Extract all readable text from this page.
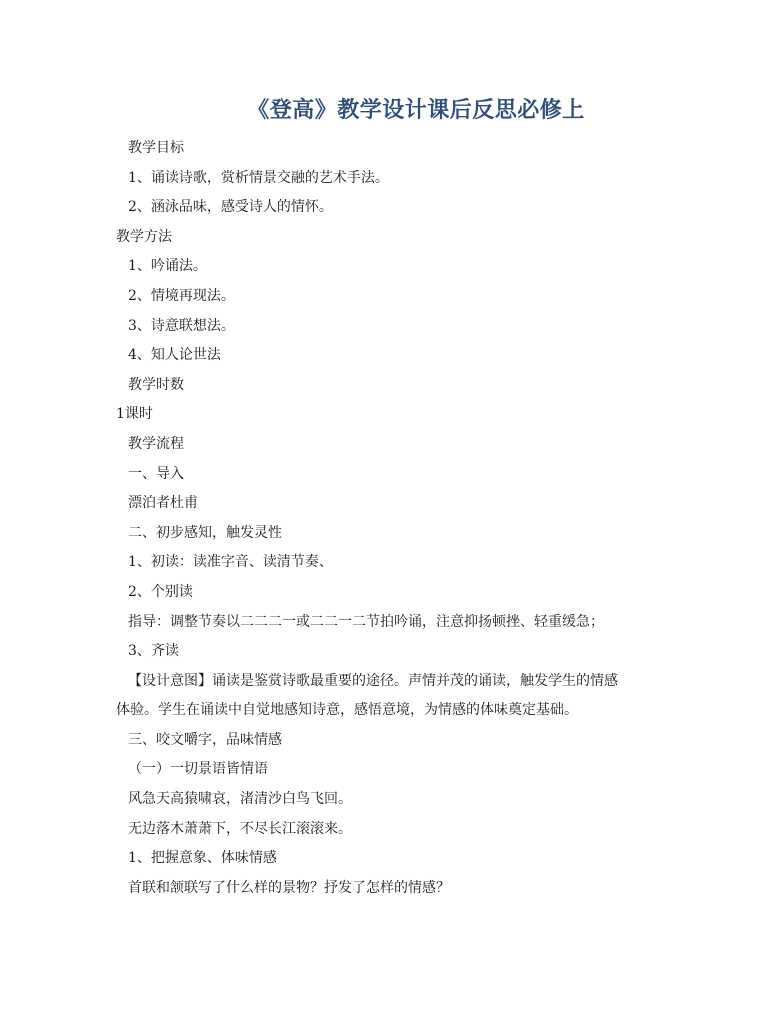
《登高》教学设计课后反思必修上
教学目标
1、诵读诗歌，赏析情景交融的艺术手法。
2、涵泳品味，感受诗人的情怀。
教学方法
1、吟诵法。
2、情境再现法。
3、诗意联想法。
4、知人论世法
教学时数
1课时
教学流程
一、导入
漂泊者杜甫
二、初步感知，触发灵性
1、初读：读准字音、读清节奏、
2、个别读
指导：调整节奏以二二二一或二二一二节拍吟诵，注意抑扬顿挫、轻重缓急；
3、齐读
【设计意图】诵读是鉴赏诗歌最重要的途径。声情并茂的诵读，触发学生的情感
体验。学生在诵读中自觉地感知诗意，感悟意境，为情感的体味奠定基础。
三、咬文嚼字，品味情感
（一）一切景语皆情语
风急天高猿啸哀，渚清沙白鸟飞回。
无边落木萧萧下，不尽长江滚滚来。
1、把握意象、体味情感
首联和颔联写了什么样的景物？抒发了怎样的情感？
